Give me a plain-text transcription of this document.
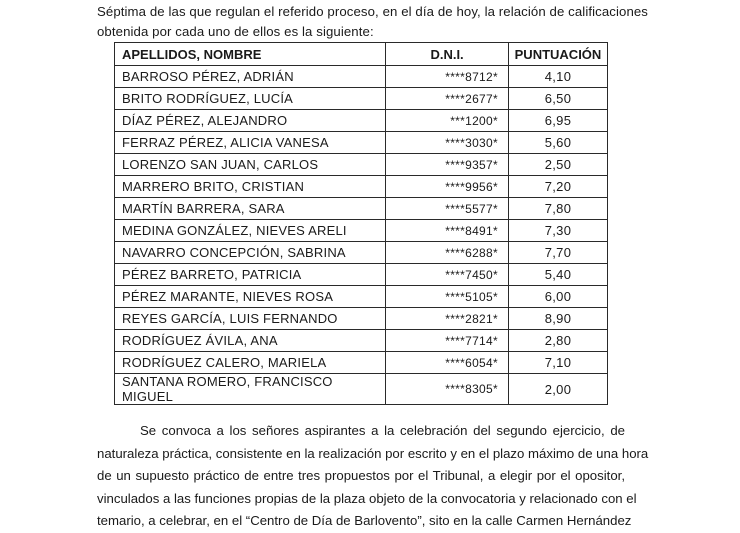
Séptima de las que regulan el referido proceso, en el día de hoy, la relación de calificaciones
obtenida por cada uno de ellos es la siguiente:
APELLIDOS, NOMBRE	D.N.I.	PUNTUACIÓN
BARROSO PÉREZ, ADRIÁN	****8712*	4,10
BRITO RODRÍGUEZ, LUCÍA	****2677*	6,50
DÍAZ PÉREZ, ALEJANDRO	***1200*	6,95
FERRAZ PÉREZ, ALICIA VANESA	****3030*	5,60
LORENZO SAN JUAN, CARLOS	****9357*	2,50
MARRERO BRITO, CRISTIAN	****9956*	7,20
MARTÍN BARRERA, SARA	****5577*	7,80
MEDINA GONZÁLEZ, NIEVES ARELI	****8491*	7,30
NAVARRO CONCEPCIÓN, SABRINA	****6288*	7,70
PÉREZ BARRETO, PATRICIA	****7450*	5,40
PÉREZ MARANTE, NIEVES ROSA	****5105*	6,00
REYES GARCÍA, LUIS FERNANDO	****2821*	8,90
RODRÍGUEZ ÁVILA, ANA	****7714*	2,80
RODRÍGUEZ CALERO, MARIELA	****6054*	7,10
SANTANA ROMERO, FRANCISCO MIGUEL	****8305*	2,00
Se convoca a los señores aspirantes a la celebración del segundo ejercicio, de
naturaleza práctica, consistente en la realización por escrito y en el plazo máximo de una hora
de un supuesto práctico de entre tres propuestos por el Tribunal, a elegir por el opositor,
vinculados a las funciones propias de la plaza objeto de la convocatoria y relacionado con el
temario, a celebrar, en el “Centro de Día de Barlovento”, sito en la calle Carmen Hernández
